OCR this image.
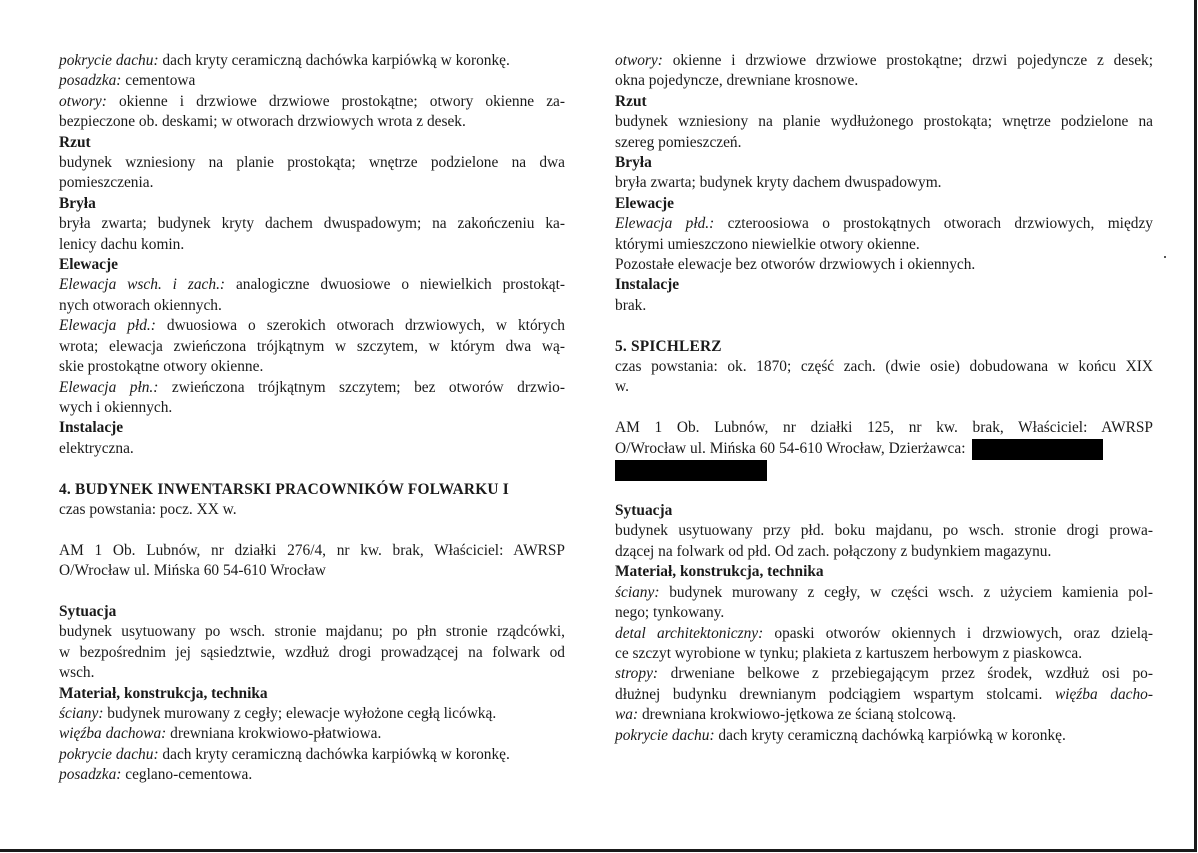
pokrycie dachu: dach kryty ceramiczną dachówka karpiówką w koronkę.
posadzka: cementowa
otwory: okienne i drzwiowe drzwiowe prostokątne; otwory okienne za-
bezpieczone ob. deskami; w otworach drzwiowych wrota z desek.
Rzut
budynek wzniesiony na planie prostokąta; wnętrze podzielone na dwa
pomieszczenia.
Bryła
bryła zwarta; budynek kryty dachem dwuspadowym; na zakończeniu ka-
lenicy dachu komin.
Elewacje
Elewacja wsch. i zach.: analogiczne dwuosiowe o niewielkich prostokąt-
nych otworach okiennych.
Elewacja płd.: dwuosiowa o szerokich otworach drzwiowych, w których
wrota; elewacja zwieńczona trójkątnym w szczytem, w którym dwa wą-
skie prostokątne otwory okienne.
Elewacja płn.: zwieńczona trójkątnym szczytem; bez otworów drzwio-
wych i okiennych.
Instalacje
elektryczna.
4. BUDYNEK INWENTARSKI PRACOWNIKÓW FOLWARKU I
czas powstania: pocz. XX w.
AM 1 Ob. Lubnów, nr działki 276/4, nr kw. brak, Właściciel: AWRSP
O/Wrocław ul. Mińska 60 54-610 Wrocław
Sytuacja
budynek usytuowany po wsch. stronie majdanu; po płn stronie rządcówki,
w bezpośrednim jej sąsiedztwie, wzdłuż drogi prowadzącej na folwark od
wsch.
Materiał, konstrukcja, technika
ściany: budynek murowany z cegły; elewacje wyłożone cegłą licówką.
więźba dachowa: drewniana krokwiowo-płatwiowa.
pokrycie dachu: dach kryty ceramiczną dachówka karpiówką w koronkę.
posadzka: ceglano-cementowa.
otwory: okienne i drzwiowe drzwiowe prostokątne; drzwi pojedyncze z desek;
okna pojedyncze, drewniane krosnowe.
Rzut
budynek wzniesiony na planie wydłużonego prostokąta; wnętrze podzielone na
szereg pomieszczeń.
Bryła
bryła zwarta; budynek kryty dachem dwuspadowym.
Elewacje
Elewacja płd.: czteroosiowa o prostokątnych otworach drzwiowych, między
którymi umieszczono niewielkie otwory okienne.
Pozostałe elewacje bez otworów drzwiowych i okiennych.
Instalacje
brak.
5. SPICHLERZ
czas powstania: ok. 1870; część zach. (dwie osie) dobudowana w końcu XIX
w.
AM 1 Ob. Lubnów, nr działki 125, nr kw. brak, Właściciel: AWRSP
O/Wrocław ul. Mińska 60 54-610 Wrocław, Dzierżawca:
Sytuacja
budynek usytuowany przy płd. boku majdanu, po wsch. stronie drogi prowa-
dzącej na folwark od płd. Od zach. połączony z budynkiem magazynu.
Materiał, konstrukcja, technika
ściany: budynek murowany z cegły, w części wsch. z użyciem kamienia pol-
nego; tynkowany.
detal architektoniczny: opaski otworów okiennych i drzwiowych, oraz dzielą-
ce szczyt wyrobione w tynku; plakieta z kartuszem herbowym z piaskowca.
stropy: drweniane belkowe z przebiegającym przez środek, wzdłuż osi po-
dłużnej budynku drewnianym podciągiem wspartym stolcami. więźba dacho-
wa: drewniana krokwiowo-jętkowa ze ścianą stolcową.
pokrycie dachu: dach kryty ceramiczną dachówką karpiówką w koronkę.
